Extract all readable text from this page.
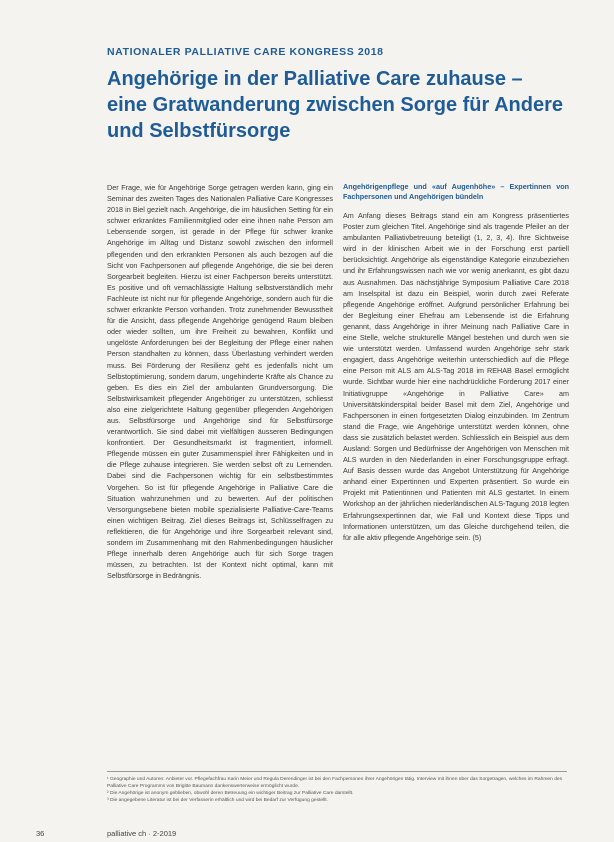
NATIONALER PALLIATIVE CARE KONGRESS 2018
Angehörige in der Palliative Care zuhause – eine Gratwanderung zwischen Sorge für Andere und Selbstfürsorge

Der Frage, wie für Angehörige Sorge getragen werden kann, ging ein Seminar des zweiten Tages des Nationalen Palliative Care Kongresses 2018 in Biel gezielt nach. Angehörige, die im häuslichen Setting für ein schwer erkranktes Familienmitglied oder eine ihnen nahe Person am Lebensende sorgen, ist gerade in der Pflege für schwer kranke Angehörige im Alltag und Distanz sowohl zwischen den informell pflegenden und den erkrankten Personen als auch bezogen auf die Sicht von Fachpersonen auf pflegende Angehörige, die sie bei deren Sorgearbeit begleiten. Hierzu ist einer Fachperson bereits unterstützt. Es positive und oft vernachlässigte Haltung selbstverständlich mehr Fachleute ist nicht nur für pflegende Angehörige, sondern auch für die schwer erkrankte Person vorhanden. Trotz zunehmender Bewusstheit für die Ansicht, dass pflegende Angehörige genügend Raum bleiben oder wieder sollten, um ihre Freiheit zu bewahren, Konflikt und ungelöste Anforderungen bei der Begleitung der Pflege einer nahen Person standhalten zu können, dass Überlastung verhindert werden muss. Bei Förderung der Resilienz geht es jedenfalls nicht um Selbstoptimierung, sondern darum, ungehinderte Kräfte als Chance zu geben. Es dies ein Ziel der ambulanten Grundversorgung. Die Selbstwirksamkeit pflegender Angehöriger zu unterstützen, schliesst also eine zielgerichtete Haltung gegenüber pflegenden Angehörigen aus. Selbstfürsorge und Angehörige sind für Selbstfürsorge verantwortlich. Sie sind dabei mit vielfältigen äusseren Bedingungen konfrontiert. Der Gesundheitsmarkt ist fragmentiert, informell. Pflegende müssen ein guter Zusammenspiel ihrer Fähigkeiten und in die Pflege zuhause integrieren. Sie werden selbst oft zu Lernenden. Dabei sind die Fachpersonen wichtig für ein selbstbestimmtes Vorgehen. So ist für pflegende Angehörige in Palliative Care die Situation wahrzunehmen und zu bewerten. Auf der politischen Versorgungsebene bieten mobile spezialisierte Palliative-Care-Teams einen wichtigen Beitrag. Ziel dieses Beitrags ist, Schlüsselfragen zu reflektieren, die für Angehörige und ihre Sorgearbeit relevant sind, sondern im Zusammenhang mit den Rahmenbedingungen häuslicher Pflege innerhalb deren Angehörige auch für sich Sorge tragen müssen, zu betrachten. Ist der Kontext nicht optimal, kann mit Selbstfürsorge in Bedrängnis.

Angehörigenpflege und «auf Augenhöhe» – Expertinnen von Fachpersonen und Angehörigen bündeln

Am Anfang dieses Beitrags stand ein am Kongress präsentiertes Poster zum gleichen Titel. Angehörige sind als tragende Pfeiler an der ambulanten Palliativbetreuung beteiligt (1, 2, 3, 4). Ihre Sichtweise wird in der klinischen Arbeit wie in der Forschung erst partiell berücksichtigt. Angehörige als eigenständige Kategorie einzubeziehen und ihr Erfahrungswissen nach wie vor wenig anerkannt, es gibt dazu aus Ausnahmen. Das nächstjährige Symposium Palliative Care 2018 am Inselspital ist dazu ein Beispiel, worin durch zwei Referate pflegende Angehörige eröffnet. Aufgrund persönlicher Erfahrung bei der Begleitung einer Ehefrau am Lebensende ist die Erfahrung genannt, dass Angehörige in ihrer Meinung nach Palliative Care in eine Stelle, welche strukturelle Mängel bestehen und durch wen sie wie unterstützt werden. Umfassend wurden Angehörige sehr stark engagiert, dass Angehörige weiterhin unterschiedlich auf die Pflege eine Person mit ALS am ALS-Tag 2018 im REHAB Basel ermöglicht wurde. Sichtbar wurde hier eine nachdrückliche Forderung 2017 einer Initiativgruppe «Angehörige in Palliative Care» am Universitätskinderspital beider Basel mit dem Ziel, Angehörige und Fachpersonen in einen fortgesetzten Dialog einzubinden. Im Zentrum stand die Frage, wie Angehörige unterstützt werden können, ohne dass sie zusätzlich belastet werden. Schliesslich ein Beispiel aus dem Ausland: Sorgen und Bedürfnisse der Angehörigen von Menschen mit ALS wurden in den Niederlanden in einer Forschungsgruppe erfragt. Auf Basis dessen wurde das Angebot Unterstützung für Angehörige anhand einer Expertinnen und Experten präsentiert. So wurde ein Projekt mit Patientinnen und Patienten mit ALS gestartet. In einem Workshop an der jährlichen niederländischen ALS-Tagung 2018 legten Erfahrungsexpertinnen dar, wie Fall und Kontext diese Tipps und Informationen unterstützen, um das Gleiche durchgehend teilen, die für alle aktiv pflegende Angehörige sein. (5)

¹ Geographie und Autoren: Anbieter vor. Pflegefachfrau Karin Meier und Regula Derendinger ist bei den Fachpersonen ihrer Angehörigen tätig. Interview mit ihnen über das Sorgetragen, welches im Rahmen des Palliative Care Programms von Brigitte Baumann dankenswerterweise ermöglicht wurde.

² Die Angehörige ist anonym geblieben, obwohl deren Betreuung ein wichtiger Beitrag zur Palliative Care darstellt.

³ Die angegebene Literatur ist bei der Verfasserin erhältlich und wird bei Bedarf zur Verfügung gestellt.

36	palliative ch · 2-2019
